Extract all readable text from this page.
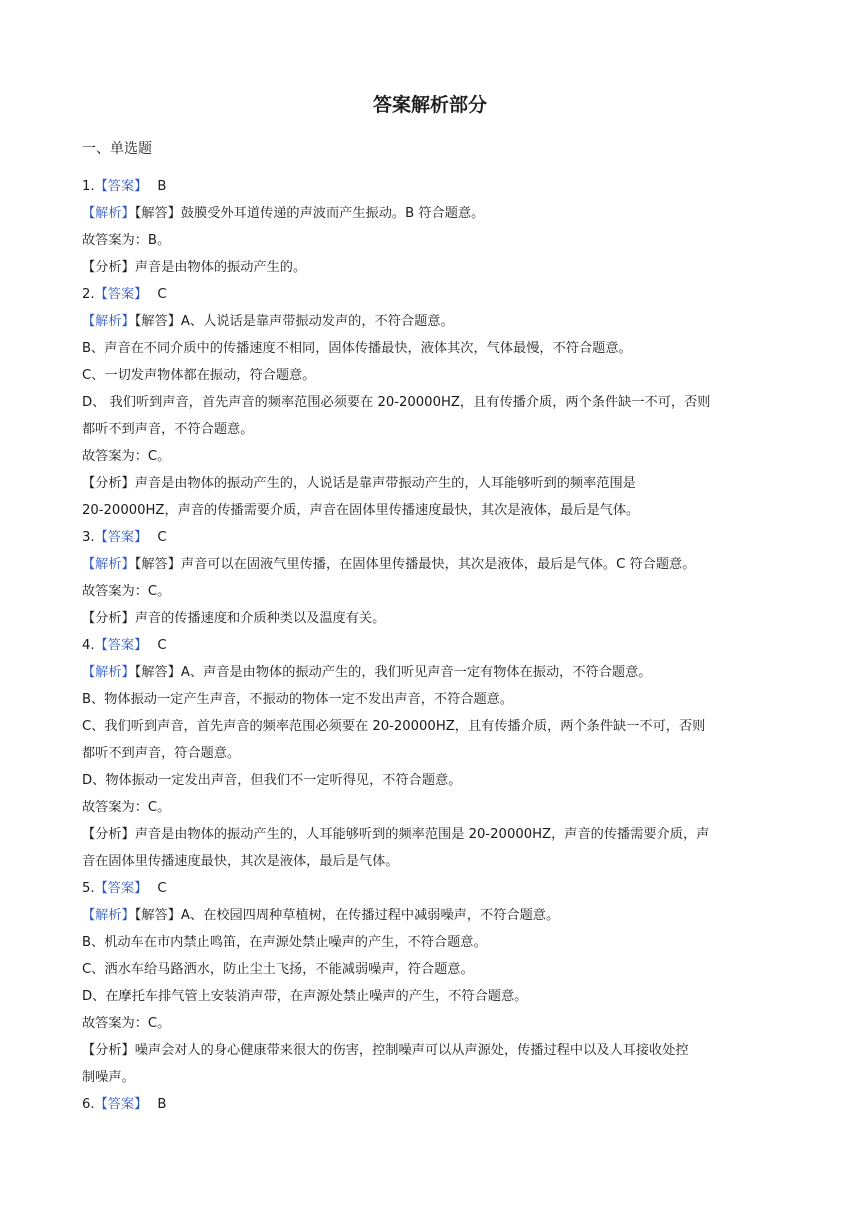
答案解析部分
一、单选题
1.【答案】 B
【解析】【解答】鼓膜受外耳道传递的声波而产生振动。B 符合题意。
故答案为：B。
【分析】声音是由物体的振动产生的。
2.【答案】 C
【解析】【解答】A、人说话是靠声带振动发声的，不符合题意。
B、声音在不同介质中的传播速度不相同，固体传播最快，液体其次，气体最慢，不符合题意。
C、一切发声物体都在振动，符合题意。
D、 我们听到声音，首先声音的频率范围必须要在 20-20000HZ，且有传播介质，两个条件缺一不可，否则
都听不到声音，不符合题意。
故答案为：C。
【分析】声音是由物体的振动产生的，人说话是靠声带振动产生的，人耳能够听到的频率范围是
20-20000HZ，声音的传播需要介质，声音在固体里传播速度最快，其次是液体，最后是气体。
3.【答案】 C
【解析】【解答】声音可以在固液气里传播，在固体里传播最快，其次是液体，最后是气体。C 符合题意。
故答案为：C。
【分析】声音的传播速度和介质种类以及温度有关。
4.【答案】 C
【解析】【解答】A、声音是由物体的振动产生的，我们听见声音一定有物体在振动，不符合题意。
B、物体振动一定产生声音，不振动的物体一定不发出声音，不符合题意。
C、我们听到声音，首先声音的频率范围必须要在 20-20000HZ，且有传播介质，两个条件缺一不可，否则
都听不到声音，符合题意。
D、物体振动一定发出声音，但我们不一定听得见，不符合题意。
故答案为：C。
【分析】声音是由物体的振动产生的，人耳能够听到的频率范围是 20-20000HZ，声音的传播需要介质，声
音在固体里传播速度最快，其次是液体，最后是气体。
5.【答案】 C
【解析】【解答】A、在校园四周种草植树，在传播过程中减弱噪声，不符合题意。
B、机动车在市内禁止鸣笛，在声源处禁止噪声的产生，不符合题意。
C、洒水车给马路洒水，防止尘土飞扬，不能减弱噪声，符合题意。
D、在摩托车排气管上安装消声带，在声源处禁止噪声的产生，不符合题意。
故答案为：C。
【分析】噪声会对人的身心健康带来很大的伤害，控制噪声可以从声源处，传播过程中以及人耳接收处控
制噪声。
6.【答案】 B
